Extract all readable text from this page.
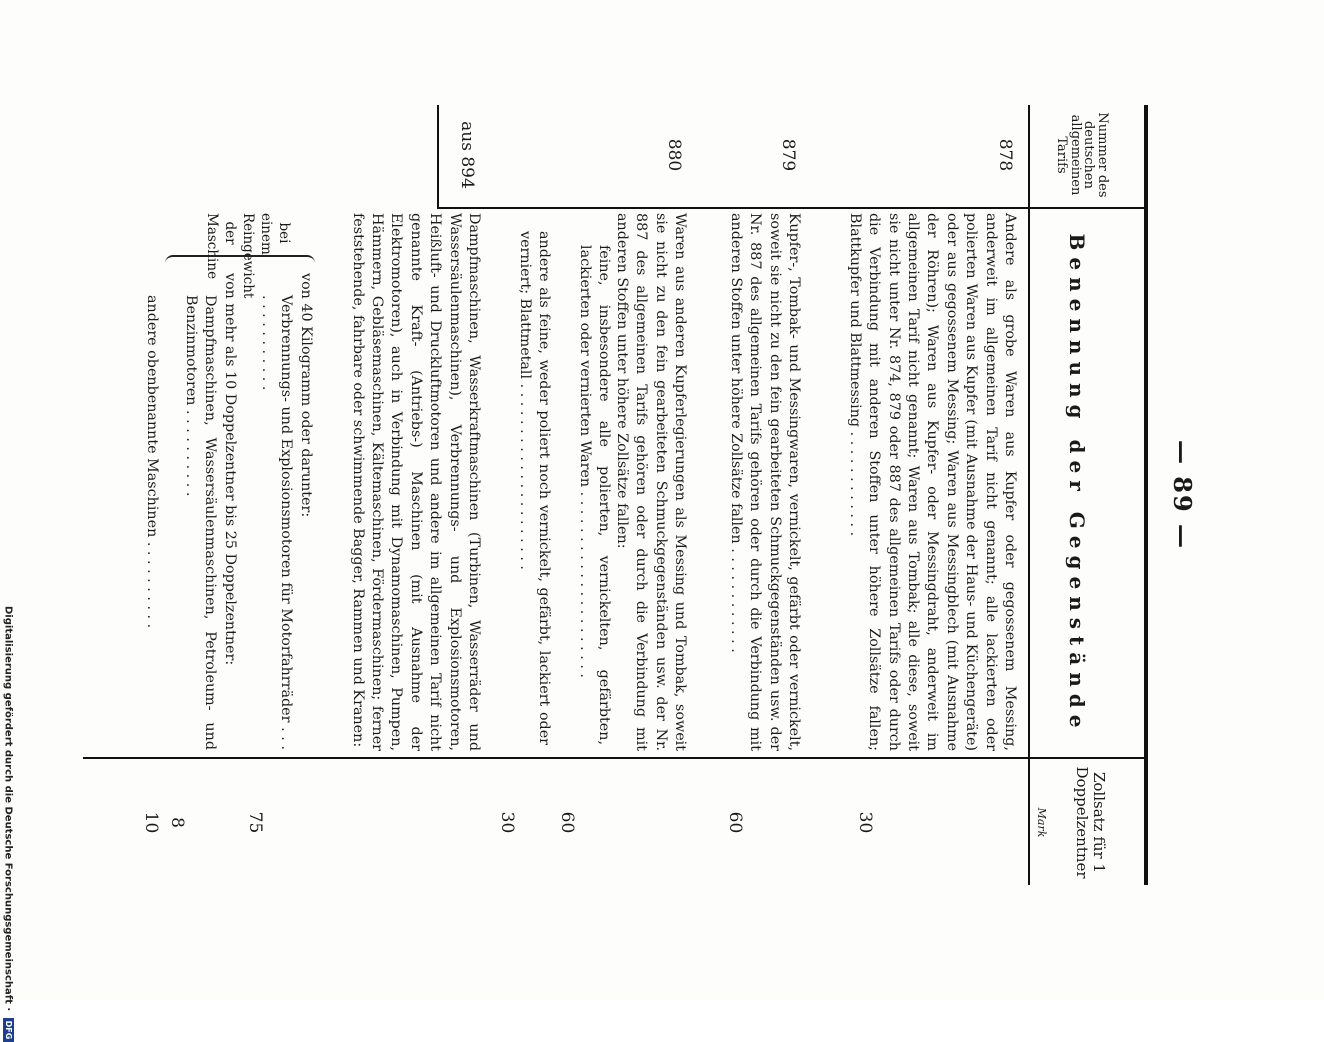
— 89 —
Nummer des deutschen allgemeinen Tarifs
Benennung der Gegenstände
Zollsatz für 1 Doppelzentner
Mark
878
Andere als grobe Waren aus Kupfer oder gegossenem Messing, anderweit im allgemeinen Tarif nicht genannt; alle lackierten oder polierten Waren aus Kupfer (mit Ausnahme der Haus- und Küchengeräte) oder aus gegossenem Messing; Waren aus Messingblech (mit Ausnahme der Röhren); Waren aus Kupfer- oder Messingdraht, anderweit im allgemeinen Tarif nicht genannt; Waren aus Tombak; alle diese, soweit sie nicht unter Nr. 874, 879 oder 887 des allgemeinen Tarifs oder durch die Verbindung mit anderen Stoffen unter höhere Zollsätze fallen; Blattkupfer und Blattmessing . . . . . . . . . . . .
30
879
Kupfer-, Tombak- und Messingwaren, vernickelt, gefärbt oder vernickelt, soweit sie nicht zu den fein gearbeiteten Schmuckgegenständen usw. der Nr. 887 des allgemeinen Tarifs gehören oder durch die Verbindung mit anderen Stoffen unter höhere Zollsätze fallen . . . . . . . . . . . .
60
880
Waren aus anderen Kupferlegierungen als Messing und Tombak, soweit sie nicht zu den fein gearbeiteten Schmuckgegenständen usw. der Nr. 887 des allgemeinen Tarifs gehören oder durch die Verbindung mit anderen Stoffen unter höhere Zollsätze fallen:
feine, insbesondere alle polierten, vernickelten, gefärbten, lackierten oder vernierten Waren . . . . . . . . . . . . . . . . . . . . .
60
andere als feine, weder poliert noch vernickelt, gefärbt, lackiert oder verniert; Blattmetall . . . . . . . . . . . . . . . . . . . . .
30
aus 894
Dampfmaschinen, Wasserkraftmaschinen (Turbinen, Wasserräder und Wassersäulenmaschinen), Verbrennungs- und Explosionsmotoren, Heißluft- und Druckluftmotoren und andere im allgemeinen Tarif nicht genannte Kraft- (Antriebs-) Maschinen (mit Ausnahme der Elektromotoren), auch in Verbindung mit Dynamomaschinen, Pumpen, Hämmern, Gebläsemaschinen, Kältemaschinen, Fördermaschinen; ferner feststehende, fahrbare oder schwimmende Bagger, Rammen und Kranen:
bei einem Reingewicht der Maschine
von 40 Kilogramm oder darunter:
Verbrennungs- und Explosionsmotoren für Motorfahrräder . . . . . . . . . . . . . .
75
von mehr als 10 Doppelzentner bis 25 Doppelzentner:
Dampfmaschinen, Wassersäulenmaschinen, Petroleum- und Benzinmotoren . . . . . . . . . .
8
andere obenbenannte Maschinen . . . . . . . . . .
10
Digitalisierung gefördert durch die Deutsche Forschungsgemeinschaft · DFG
